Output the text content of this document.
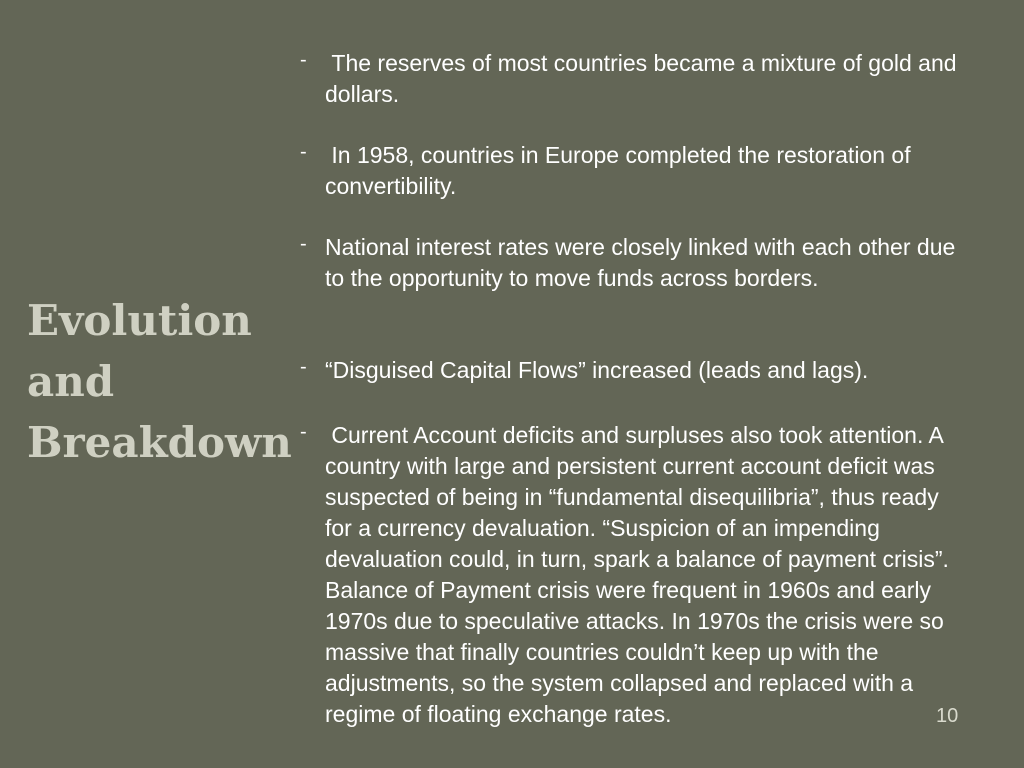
Evolution
and
Breakdown
- The reserves of most countries became a mixture of gold and dollars.
- In 1958, countries in Europe completed the restoration of convertibility.
- National interest rates were closely linked with each other due to the opportunity to move funds across borders.
- “Disguised Capital Flows” increased (leads and lags).
- Current Account deficits and surpluses also took attention. A country with large and persistent current account deficit was suspected of being in “fundamental disequilibria”, thus ready for a currency devaluation. “Suspicion of an impending devaluation could, in turn, spark a balance of payment crisis”. Balance of Payment crisis were frequent in 1960s and early 1970s due to speculative attacks. In 1970s the crisis were so massive that finally countries couldn’t keep up with the adjustments, so the system collapsed and replaced with a regime of floating exchange rates.	10
